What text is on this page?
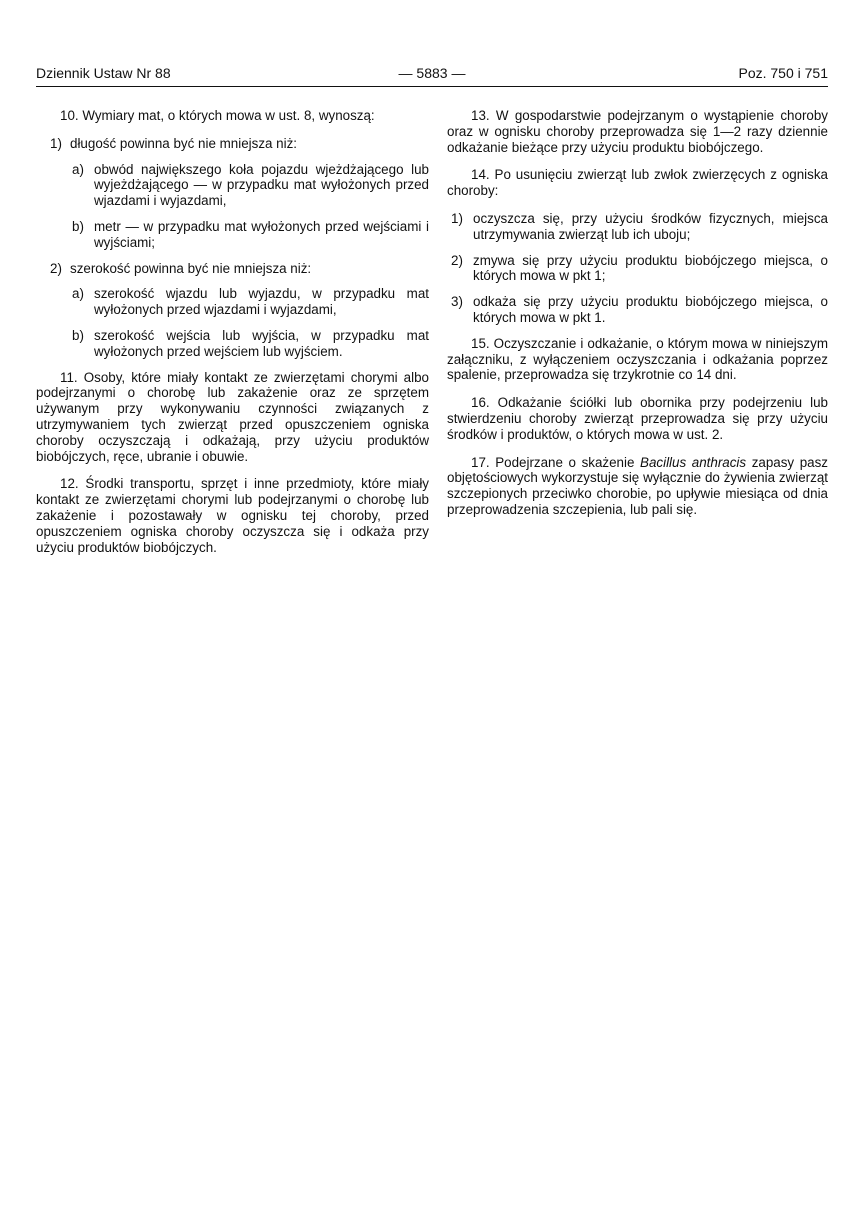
Dziennik Ustaw Nr 88	— 5883 —	Poz. 750 i 751

10. Wymiary mat, o których mowa w ust. 8, wynoszą:

1) długość powinna być nie mniejsza niż:
a) obwód największego koła pojazdu wjeżdżającego lub wyjeżdżającego — w przypadku mat wyłożonych przed wjazdami i wyjazdami,
b) metr — w przypadku mat wyłożonych przed wejściami i wyjściami;
2) szerokość powinna być nie mniejsza niż:
a) szerokość wjazdu lub wyjazdu, w przypadku mat wyłożonych przed wjazdami i wyjazdami,
b) szerokość wejścia lub wyjścia, w przypadku mat wyłożonych przed wejściem lub wyjściem.

11. Osoby, które miały kontakt ze zwierzętami chorymi albo podejrzanymi o chorobę lub zakażenie oraz ze sprzętem używanym przy wykonywaniu czynności związanych z utrzymywaniem tych zwierząt przed opuszczeniem ogniska choroby oczyszczają i odkażają, przy użyciu produktów biobójczych, ręce, ubranie i obuwie.

12. Środki transportu, sprzęt i inne przedmioty, które miały kontakt ze zwierzętami chorymi lub podejrzanymi o chorobę lub zakażenie i pozostawały w ognisku tej choroby, przed opuszczeniem ogniska choroby oczyszcza się i odkaża przy użyciu produktów biobójczych.

13. W gospodarstwie podejrzanym o wystąpienie choroby oraz w ognisku choroby przeprowadza się 1—2 razy dziennie odkażanie bieżące przy użyciu produktu biobójczego.

14. Po usunięciu zwierząt lub zwłok zwierzęcych z ogniska choroby:

1) oczyszcza się, przy użyciu środków fizycznych, miejsca utrzymywania zwierząt lub ich uboju;
2) zmywa się przy użyciu produktu biobójczego miejsca, o których mowa w pkt 1;
3) odkaża się przy użyciu produktu biobójczego miejsca, o których mowa w pkt 1.

15. Oczyszczanie i odkażanie, o którym mowa w niniejszym załączniku, z wyłączeniem oczyszczania i odkażania poprzez spalenie, przeprowadza się trzykrotnie co 14 dni.

16. Odkażanie ściółki lub obornika przy podejrzeniu lub stwierdzeniu choroby zwierząt przeprowadza się przy użyciu środków i produktów, o których mowa w ust. 2.

17. Podejrzane o skażenie Bacillus anthracis zapasy pasz objętościowych wykorzystuje się wyłącznie do żywienia zwierząt szczepionych przeciwko chorobie, po upływie miesiąca od dnia przeprowadzenia szczepienia, lub pali się.
